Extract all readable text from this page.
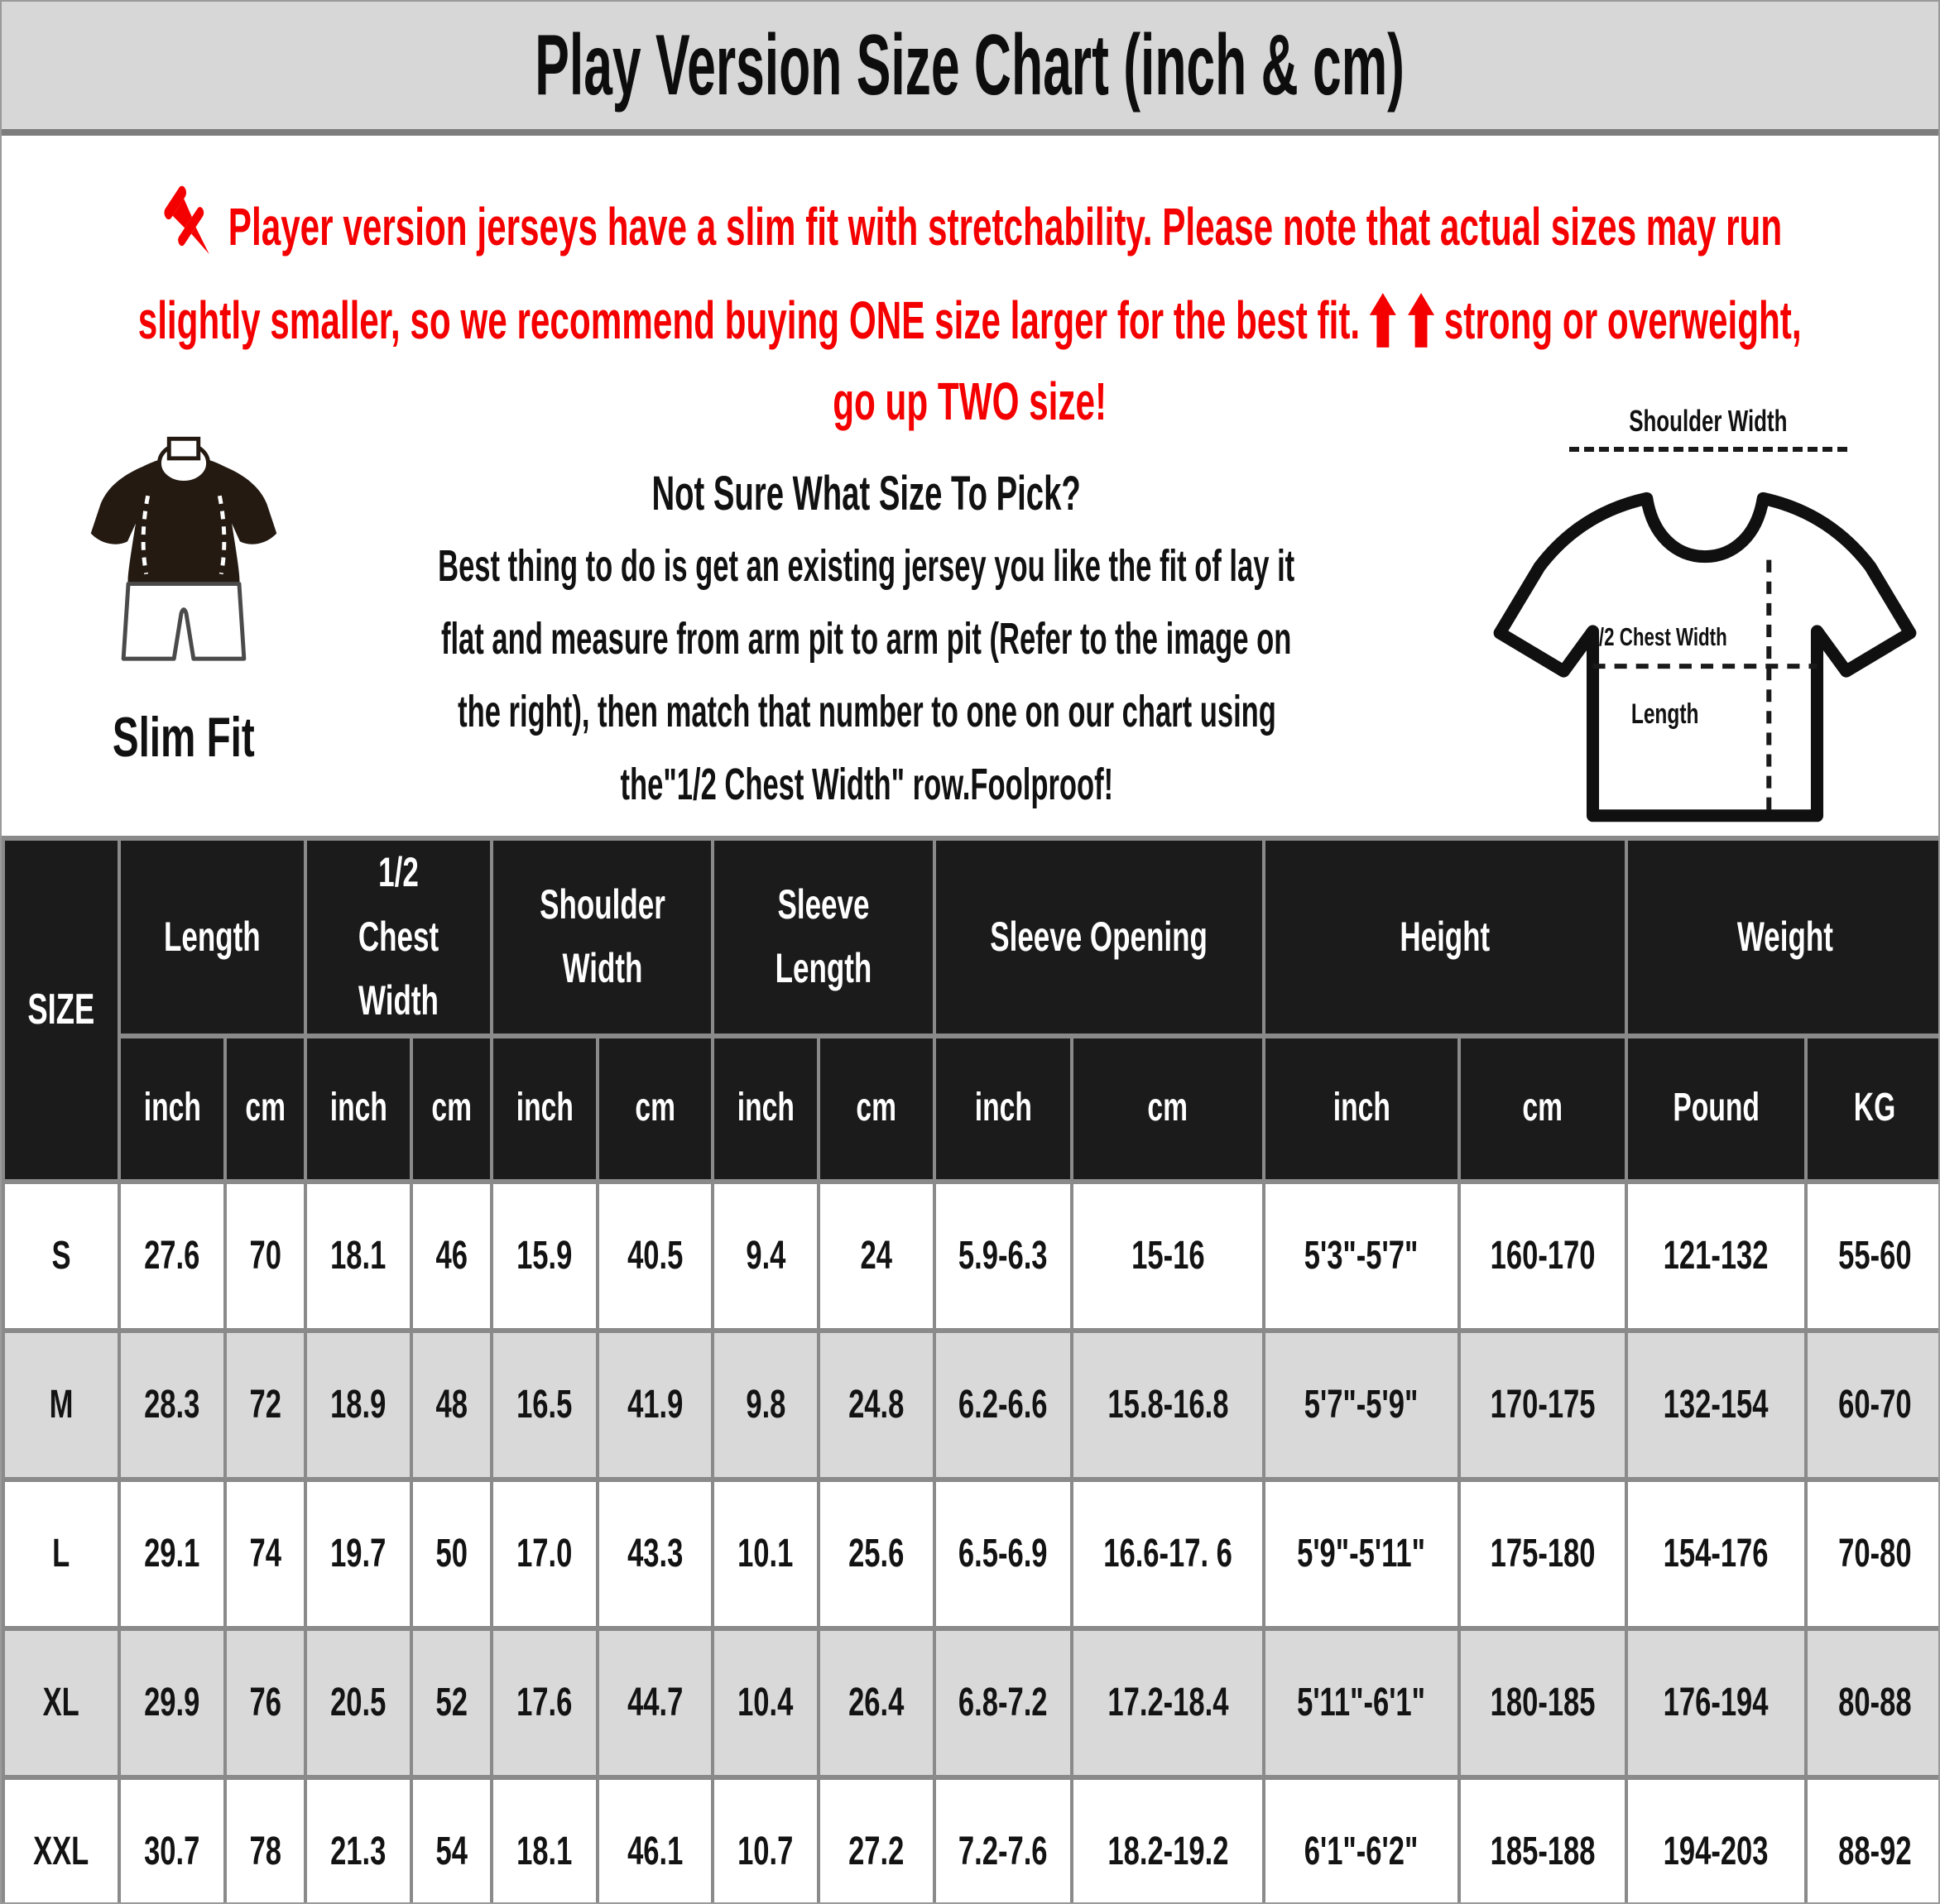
Play Version Size Chart (inch & cm)
Player version jerseys have a slim fit with stretchability. Please note that actual sizes may run
slightly smaller, so we recommend buying ONE size larger for the best fit. strong or overweight,
go up TWO size!
Slim Fit
Not Sure What Size To Pick?
Best thing to do is get an existing jersey you like the fit of lay it
flat and measure from arm pit to arm pit (Refer to the image on
the right), then match that number to one on our chart using
the"1/2 Chest Width" row.Foolproof!
Shoulder Width
1/2 Chest Width
Length
SIZE	Length		1/2 Chest Width		Shoulder Width		Sleeve Length		Sleeve Opening		Height		Weight	

	inch	cm	inch	cm	inch	cm	inch	cm	inch	cm	inch	cm	Pound	KG

S	27.6	70	18.1	46	15.9	40.5	9.4	24	5.9-6.3	15-16	5'3"-5'7"	160-170	121-132	55-60

M	28.3	72	18.9	48	16.5	41.9	9.8	24.8	6.2-6.6	15.8-16.8	5'7"-5'9"	170-175	132-154	60-70

L	29.1	74	19.7	50	17.0	43.3	10.1	25.6	6.5-6.9	16.6-17. 6	5'9"-5'11"	175-180	154-176	70-80

XL	29.9	76	20.5	52	17.6	44.7	10.4	26.4	6.8-7.2	17.2-18.4	5'11"-6'1"	180-185	176-194	80-88

XXL	30.7	78	21.3	54	18.1	46.1	10.7	27.2	7.2-7.6	18.2-19.2	6'1"-6'2"	185-188	194-203	88-92
